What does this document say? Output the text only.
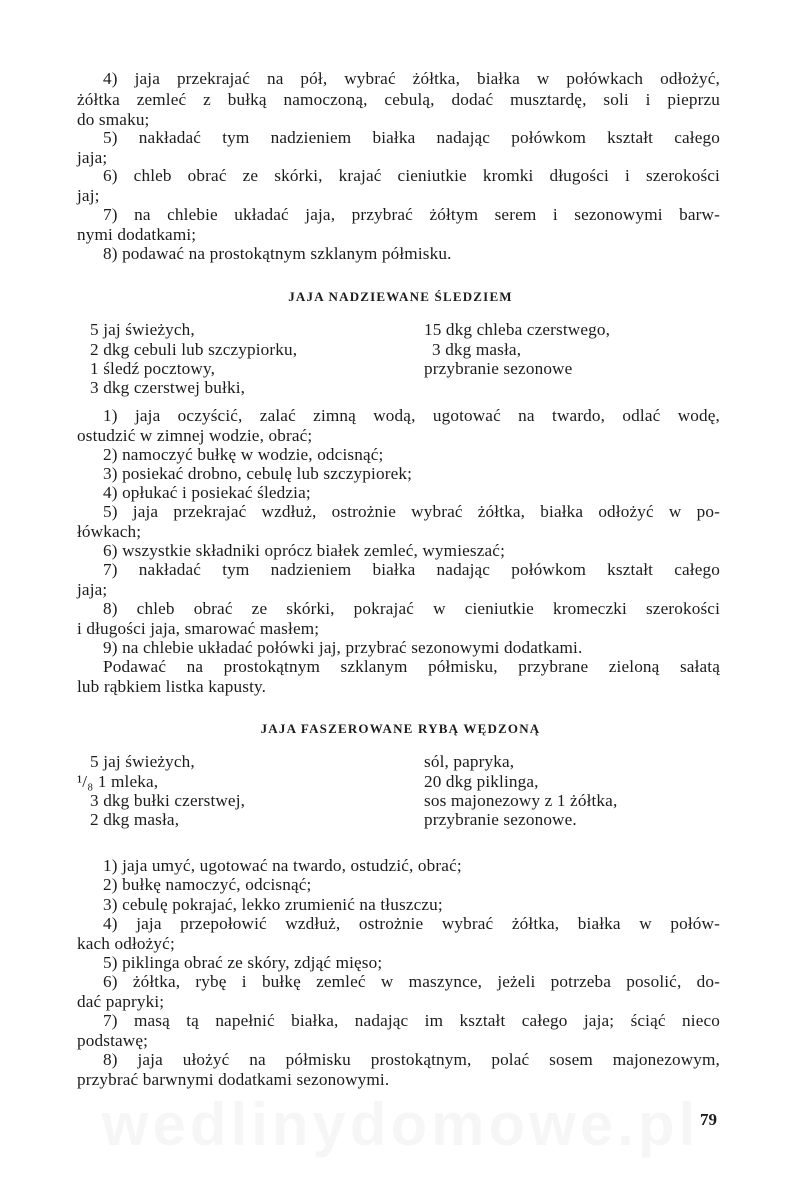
4) jaja przekrajać na pół, wybrać żółtka, białka w połówkach odłożyć,
żółtka zemleć z bułką namoczoną, cebulą, dodać musztardę, soli i pieprzu
do smaku;
5) nakładać tym nadzieniem białka nadając połówkom kształt całego
jaja;
6) chleb obrać ze skórki, krajać cieniutkie kromki długości i szerokości
jaj;
7) na chlebie układać jaja, przybrać żółtym serem i sezonowymi barw-
nymi dodatkami;
8) podawać na prostokątnym szklanym półmisku.
JAJA NADZIEWANE ŚLEDZIEM
5 jaj świeżych,
2 dkg cebuli lub szczypiorku,
1 śledź pocztowy,
3 dkg czerstwej bułki,
15 dkg chleba czerstwego,
3 dkg masła,
przybranie sezonowe
1) jaja oczyścić, zalać zimną wodą, ugotować na twardo, odlać wodę,
ostudzić w zimnej wodzie, obrać;
2) namoczyć bułkę w wodzie, odcisnąć;
3) posiekać drobno, cebulę lub szczypiorek;
4) opłukać i posiekać śledzia;
5) jaja przekrajać wzdłuż, ostrożnie wybrać żółtka, białka odłożyć w po-
łówkach;
6) wszystkie składniki oprócz białek zemleć, wymieszać;
7) nakładać tym nadzieniem białka nadając połówkom kształt całego
jaja;
8) chleb obrać ze skórki, pokrajać w cieniutkie kromeczki szerokości
i długości jaja, smarować masłem;
9) na chlebie układać połówki jaj, przybrać sezonowymi dodatkami.
Podawać na prostokątnym szklanym półmisku, przybrane zieloną sałatą
lub rąbkiem listka kapusty.
JAJA FASZEROWANE RYBĄ WĘDZONĄ
5 jaj świeżych,
¹/₈ 1 mleka,
3 dkg bułki czerstwej,
2 dkg masła,
sól, papryka,
20 dkg piklinga,
sos majonezowy z 1 żółtka,
przybranie sezonowe.
1) jaja umyć, ugotować na twardo, ostudzić, obrać;
2) bułkę namoczyć, odcisnąć;
3) cebulę pokrajać, lekko zrumienić na tłuszczu;
4) jaja przepołowić wzdłuż, ostrożnie wybrać żółtka, białka w połów-
kach odłożyć;
5) piklinga obrać ze skóry, zdjąć mięso;
6) żółtka, rybę i bułkę zemleć w maszynce, jeżeli potrzeba posolić, do-
dać papryki;
7) masą tą napełnić białka, nadając im kształt całego jaja; ściąć nieco
podstawę;
8) jaja ułożyć na półmisku prostokątnym, polać sosem majonezowym,
przybrać barwnymi dodatkami sezonowymi.
79
